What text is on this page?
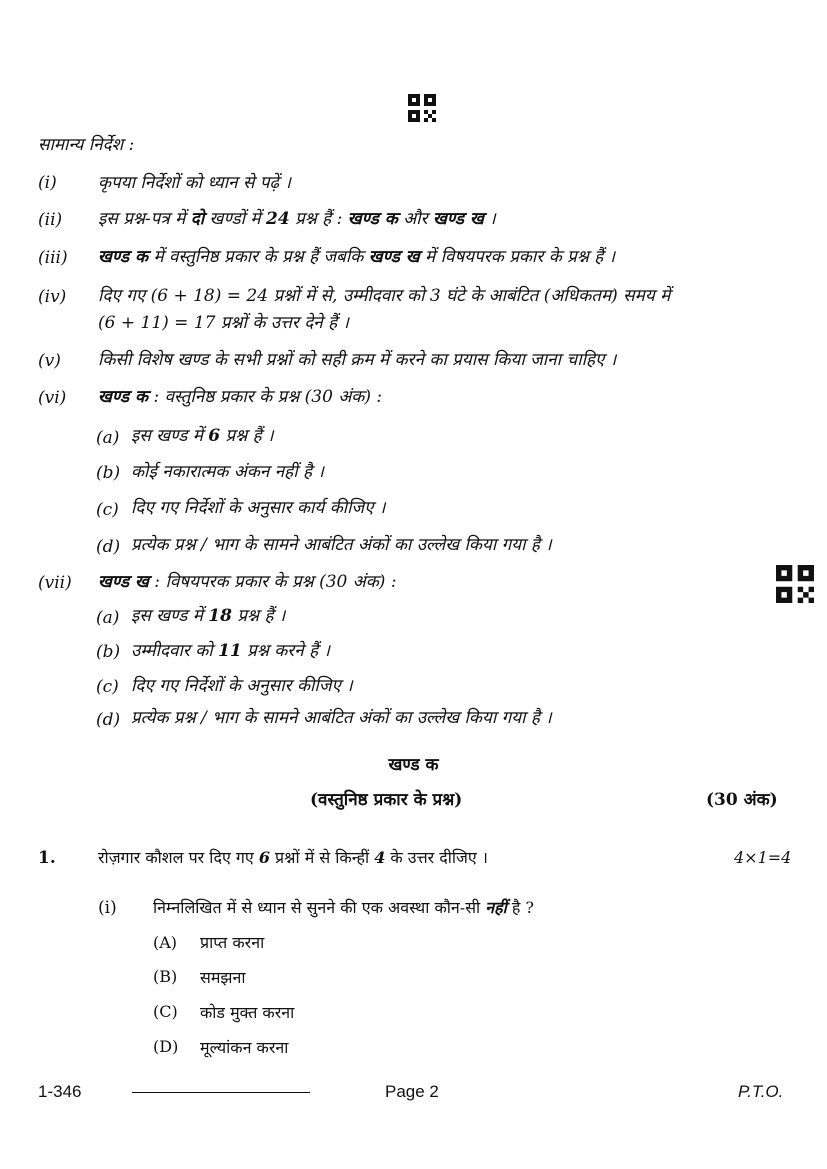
सामान्य निर्देश :
(i) कृपया निर्देशों को ध्यान से पढ़ें ।
(ii) इस प्रश्न-पत्र में दो खण्डों में 24 प्रश्न हैं : खण्ड क और खण्ड ख ।
(iii) खण्ड क में वस्तुनिष्ठ प्रकार के प्रश्न हैं जबकि खण्ड ख में विषयपरक प्रकार के प्रश्न हैं ।
(iv) दिए गए (6 + 18) = 24 प्रश्नों में से, उम्मीदवार को 3 घंटे के आबंटित (अधिकतम) समय में
(6 + 11) = 17 प्रश्नों के उत्तर देने हैं ।
(v) किसी विशेष खण्ड के सभी प्रश्नों को सही क्रम में करने का प्रयास किया जाना चाहिए ।
(vi) खण्ड क : वस्तुनिष्ठ प्रकार के प्रश्न (30 अंक) :
(a) इस खण्ड में 6 प्रश्न हैं ।
(b) कोई नकारात्मक अंकन नहीं है ।
(c) दिए गए निर्देशों के अनुसार कार्य कीजिए ।
(d) प्रत्येक प्रश्न / भाग के सामने आबंटित अंकों का उल्लेख किया गया है ।
(vii) खण्ड ख : विषयपरक प्रकार के प्रश्न (30 अंक) :
(a) इस खण्ड में 18 प्रश्न हैं ।
(b) उम्मीदवार को 11 प्रश्न करने हैं ।
(c) दिए गए निर्देशों के अनुसार कीजिए ।
(d) प्रत्येक प्रश्न / भाग के सामने आबंटित अंकों का उल्लेख किया गया है ।
खण्ड क
(वस्तुनिष्ठ प्रकार के प्रश्न)	(30 अंक)
1.	रोज़गार कौशल पर दिए गए 6 प्रश्नों में से किन्हीं 4 के उत्तर दीजिए ।	4×1=4
(i) निम्नलिखित में से ध्यान से सुनने की एक अवस्था कौन-सी नहीं है ?
(A) प्राप्त करना
(B) समझना
(C) कोड मुक्त करना
(D) मूल्यांकन करना
1-346	Page 2	P.T.O.
